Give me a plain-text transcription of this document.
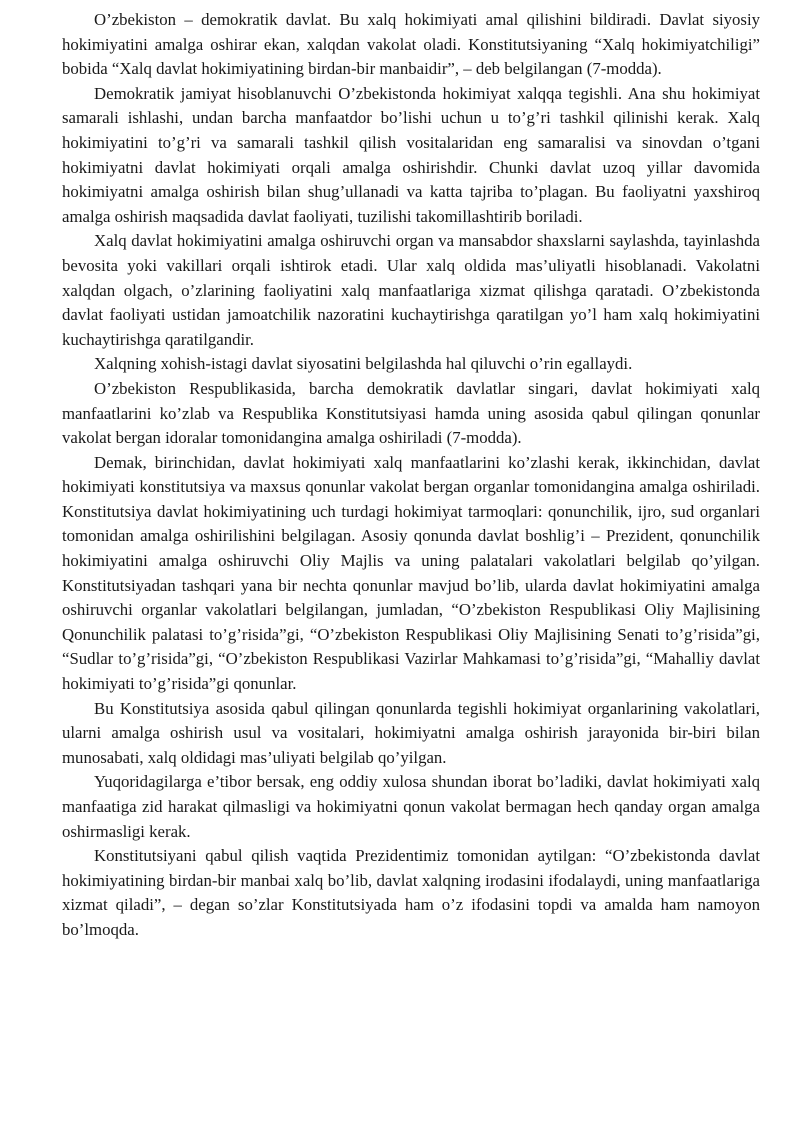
O’zbekiston – demokratik davlat. Bu xalq hokimiyati amal qilishini bildiradi. Davlat siyosiy hokimiyatini amalga oshirar ekan, xalqdan vakolat oladi. Konstitutsiyaning “Xalq hokimiyatchiligi” bobida “Xalq davlat hokimiyatining birdan-bir manbaidir”, – deb belgilangan (7-modda).

Demokratik jamiyat hisoblanuvchi O’zbekistonda hokimiyat xalqqa tegishli. Ana shu hokimiyat samarali ishlashi, undan barcha manfaatdor bo’lishi uchun u to’g’ri tashkil qilinishi kerak. Xalq hokimiyatini to’g’ri va samarali tashkil qilish vositalaridan eng samaralisi va sinovdan o’tgani hokimiyatni davlat hokimiyati orqali amalga oshirishdir. Chunki davlat uzoq yillar davomida hokimiyatni amalga oshirish bilan shug’ullanadi va katta tajriba to’plagan. Bu faoliyatni yaxshiroq amalga oshirish maqsadida davlat faoliyati, tuzilishi takomillashtirib boriladi.

Xalq davlat hokimiyatini amalga oshiruvchi organ va mansabdor shaxslarni saylashda, tayinlashda bevosita yoki vakillari orqali ishtirok etadi. Ular xalq oldida mas’uliyatli hisoblanadi. Vakolatni xalqdan olgach, o’zlarining faoliyatini xalq manfaatlariga xizmat qilishga qaratadi. O’zbekistonda davlat faoliyati ustidan jamoatchilik nazoratini kuchaytirishga qaratilgan yo’l ham xalq hokimiyatini kuchaytirishga qaratilgandir.

Xalqning xohish-istagi davlat siyosatini belgilashda hal qiluvchi o’rin egallaydi.

O’zbekiston Respublikasida, barcha demokratik davlatlar singari, davlat hokimiyati xalq manfaatlarini ko’zlab va Respublika Konstitutsiyasi hamda uning asosida qabul qilingan qonunlar vakolat bergan idoralar tomonidangina amalga oshiriladi (7-modda).

Demak, birinchidan, davlat hokimiyati xalq manfaatlarini ko’zlashi kerak, ikkinchidan, davlat hokimiyati konstitutsiya va maxsus qonunlar vakolat bergan organlar tomonidangina amalga oshiriladi. Konstitutsiya davlat hokimiyatining uch turdagi hokimiyat tarmoqlari: qonunchilik, ijro, sud organlari tomonidan amalga oshirilishini belgilagan. Asosiy qonunda davlat boshlig’i – Prezident, qonunchilik hokimiyatini amalga oshiruvchi Oliy Majlis va uning palatalari vakolatlari belgilab qo’yilgan. Konstitutsiyadan tashqari yana bir nechta qonunlar mavjud bo’lib, ularda davlat hokimiyatini amalga oshiruvchi organlar vakolatlari belgilangan, jumladan, “O’zbekiston Respublikasi Oliy Majlisining Qonunchilik palatasi to’g’risida”gi, “O’zbekiston Respublikasi Oliy Majlisining Senati to’g’risida”gi, “Sudlar to’g’risida”gi, “O’zbekiston Respublikasi Vazirlar Mahkamasi to’g’risida”gi, “Mahalliy davlat hokimiyati to’g’risida”gi qonunlar.

Bu Konstitutsiya asosida qabul qilingan qonunlarda tegishli hokimiyat organlarining vakolatlari, ularni amalga oshirish usul va vositalari, hokimiyatni amalga oshirish jarayonida bir-biri bilan munosabati, xalq oldidagi mas’uliyati belgilab qo’yilgan.

Yuqoridagilarga e’tibor bersak, eng oddiy xulosa shundan iborat bo’ladiki, davlat hokimiyati xalq manfaatiga zid harakat qilmasligi va hokimiyatni qonun vakolat bermagan hech qanday organ amalga oshirmasligi kerak.

Konstitutsiyani qabul qilish vaqtida Prezidentimiz tomonidan aytilgan: “O’zbekistonda davlat hokimiyatining birdan-bir manbai xalq bo’lib, davlat xalqning irodasini ifodalaydi, uning manfaatlariga xizmat qiladi”, – degan so’zlar Konstitutsiyada ham o’z ifodasini topdi va amalda ham namoyon bo’lmoqda.
